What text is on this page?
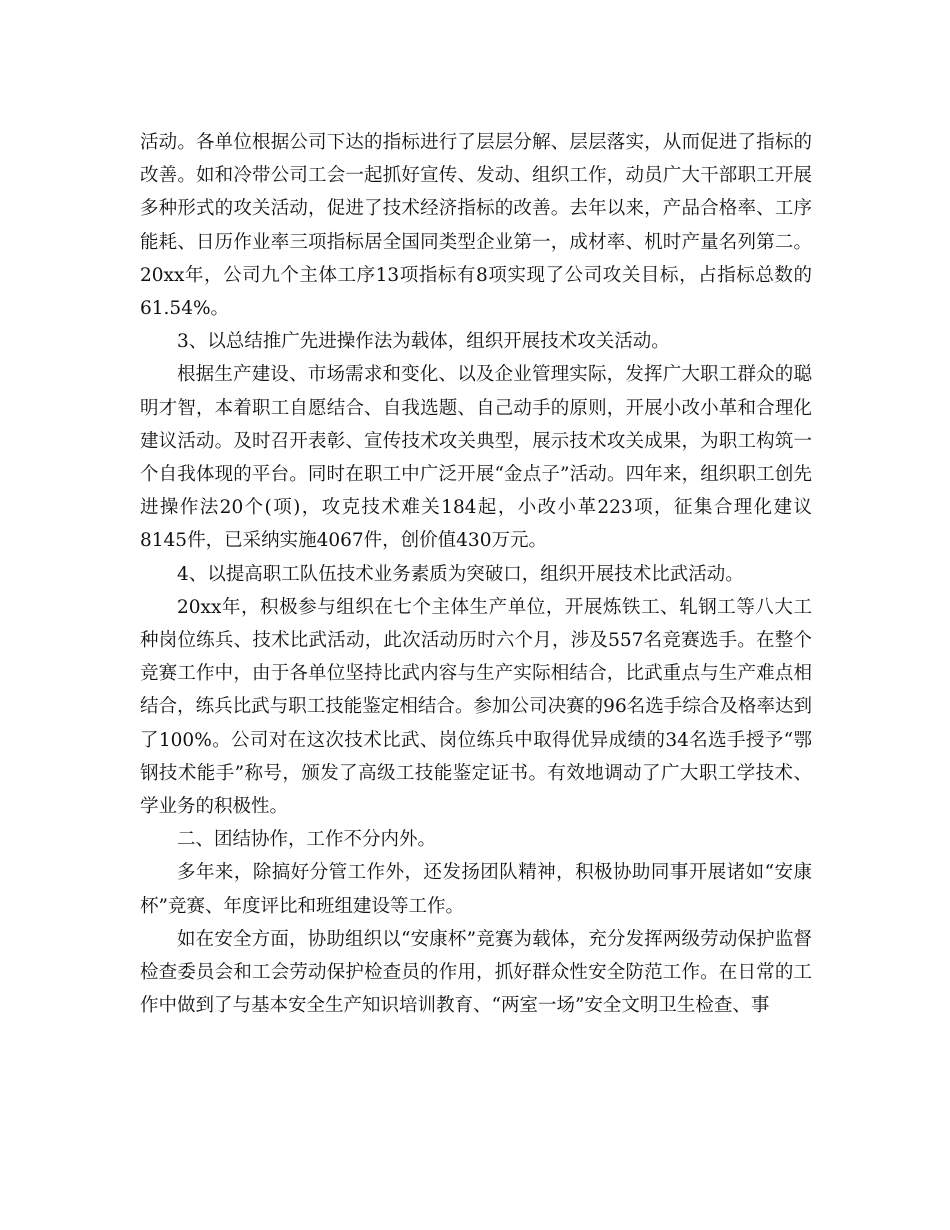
活动。各单位根据公司下达的指标进行了层层分解、层层落实，从而促进了指标的改善。如和冷带公司工会一起抓好宣传、发动、组织工作，动员广大干部职工开展多种形式的攻关活动，促进了技术经济指标的改善。去年以来，产品合格率、工序能耗、日历作业率三项指标居全国同类型企业第一，成材率、机时产量名列第二。20xx年，公司九个主体工序13项指标有8项实现了公司攻关目标，占指标总数的61.54%。

3、以总结推广先进操作法为载体，组织开展技术攻关活动。

根据生产建设、市场需求和变化、以及企业管理实际，发挥广大职工群众的聪明才智，本着职工自愿结合、自我选题、自己动手的原则，开展小改小革和合理化建议活动。及时召开表彰、宣传技术攻关典型，展示技术攻关成果，为职工构筑一个自我体现的平台。同时在职工中广泛开展“金点子”活动。四年来，组织职工创先进操作法20个(项)，攻克技术难关184起，小改小革223项，征集合理化建议8145件，已采纳实施4067件，创价值430万元。

4、以提高职工队伍技术业务素质为突破口，组织开展技术比武活动。

20xx年，积极参与组织在七个主体生产单位，开展炼铁工、轧钢工等八大工种岗位练兵、技术比武活动，此次活动历时六个月，涉及557名竞赛选手。在整个竞赛工作中，由于各单位坚持比武内容与生产实际相结合，比武重点与生产难点相结合，练兵比武与职工技能鉴定相结合。参加公司决赛的96名选手综合及格率达到了100%。公司对在这次技术比武、岗位练兵中取得优异成绩的34名选手授予“鄂钢技术能手”称号，颁发了高级工技能鉴定证书。有效地调动了广大职工学技术、学业务的积极性。

二、团结协作，工作不分内外。

多年来，除搞好分管工作外，还发扬团队精神，积极协助同事开展诸如“安康杯”竞赛、年度评比和班组建设等工作。

如在安全方面，协助组织以“安康杯”竞赛为载体，充分发挥两级劳动保护监督检查委员会和工会劳动保护检查员的作用，抓好群众性安全防范工作。在日常的工作中做到了与基本安全生产知识培训教育、“两室一场”安全文明卫生检查、事
